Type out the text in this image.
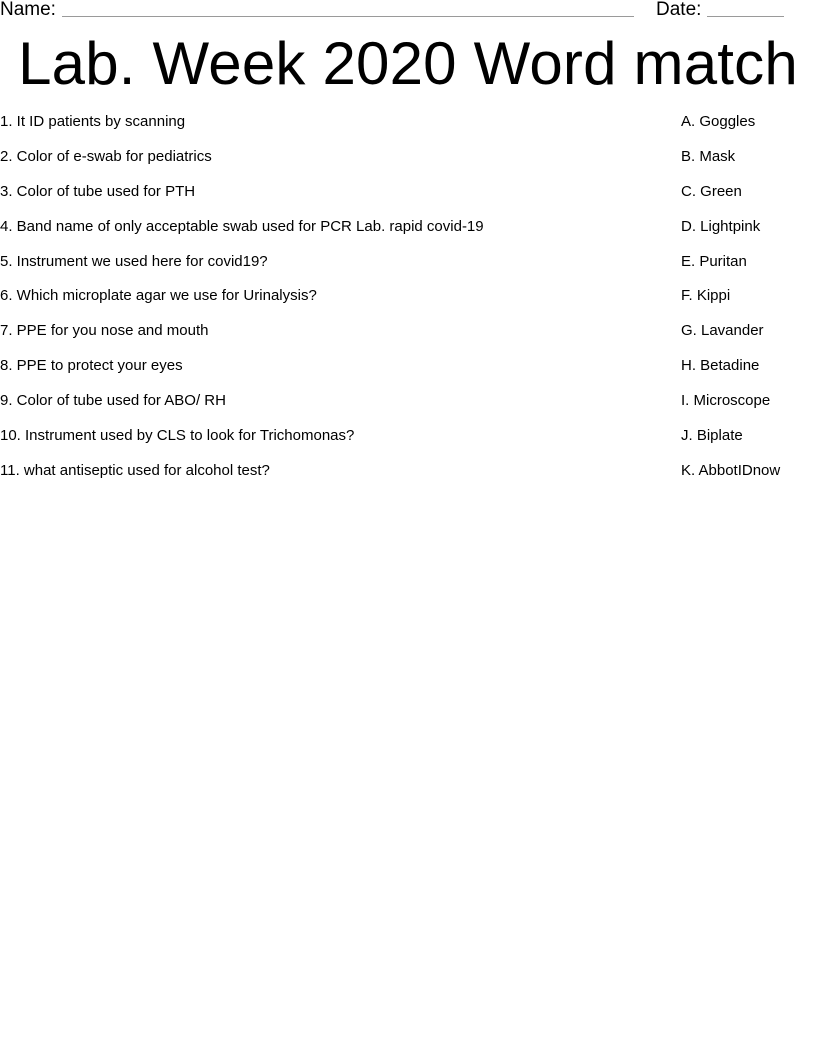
Name:	Date:
Lab. Week 2020 Word match
1. It ID patients by scanning
2. Color of e-swab for pediatrics
3. Color of tube used for PTH
4. Band name of only acceptable swab used for PCR Lab. rapid covid-19
5. Instrument we used here for covid19?
6. Which microplate agar we use for Urinalysis?
7. PPE for you nose and mouth
8. PPE to protect your eyes
9. Color of tube used for ABO/ RH
10. Instrument used by CLS to look for Trichomonas?
11. what antiseptic used for alcohol test?
A. Goggles
B. Mask
C. Green
D. Lightpink
E. Puritan
F. Kippi
G. Lavander
H. Betadine
I. Microscope
J. Biplate
K. AbbotIDnow
